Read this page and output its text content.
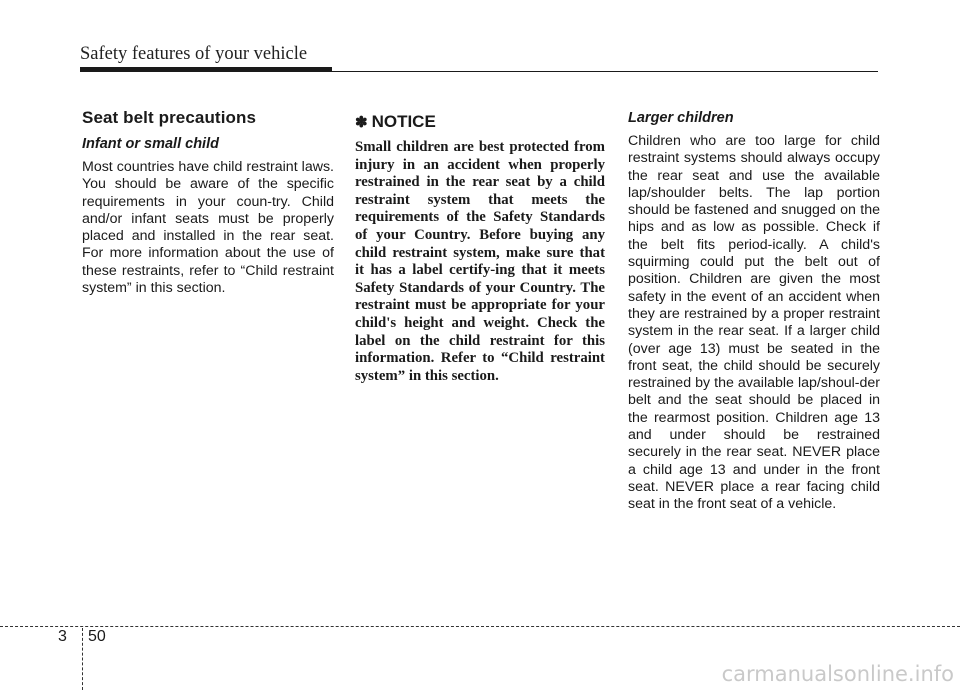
Safety features of your vehicle
Seat belt precautions
Infant or small child

Most countries have child restraint laws. You should be aware of the specific requirements in your coun-try. Child and/or infant seats must be properly placed and installed in the rear seat. For more information about the use of these restraints, refer to “Child restraint system” in this section.

✽ NOTICE

Small children are best protected from injury in an accident when properly restrained in the rear seat by a child restraint system that meets the requirements of the Safety Standards of your Country. Before buying any child restraint system, make sure that it has a label certify-ing that it meets Safety Standards of your Country. The restraint must be appropriate for your child's height and weight. Check the label on the child restraint for this information. Refer to “Child restraint system” in this section.

Larger children

Children who are too large for child restraint systems should always occupy the rear seat and use the available lap/shoulder belts. The lap portion should be fastened and snugged on the hips and as low as possible. Check if the belt fits period-ically. A child's squirming could put the belt out of position. Children are given the most safety in the event of an accident when they are restrained by a proper restraint system in the rear seat. If a larger child (over age 13) must be seated in the front seat, the child should be securely restrained by the available lap/shoul-der belt and the seat should be placed in the rearmost position. Children age 13 and under should be restrained securely in the rear seat. NEVER place a child age 13 and under in the front seat. NEVER place a rear facing child seat in the front seat of a vehicle.

3 50
carmanualsonline.info
